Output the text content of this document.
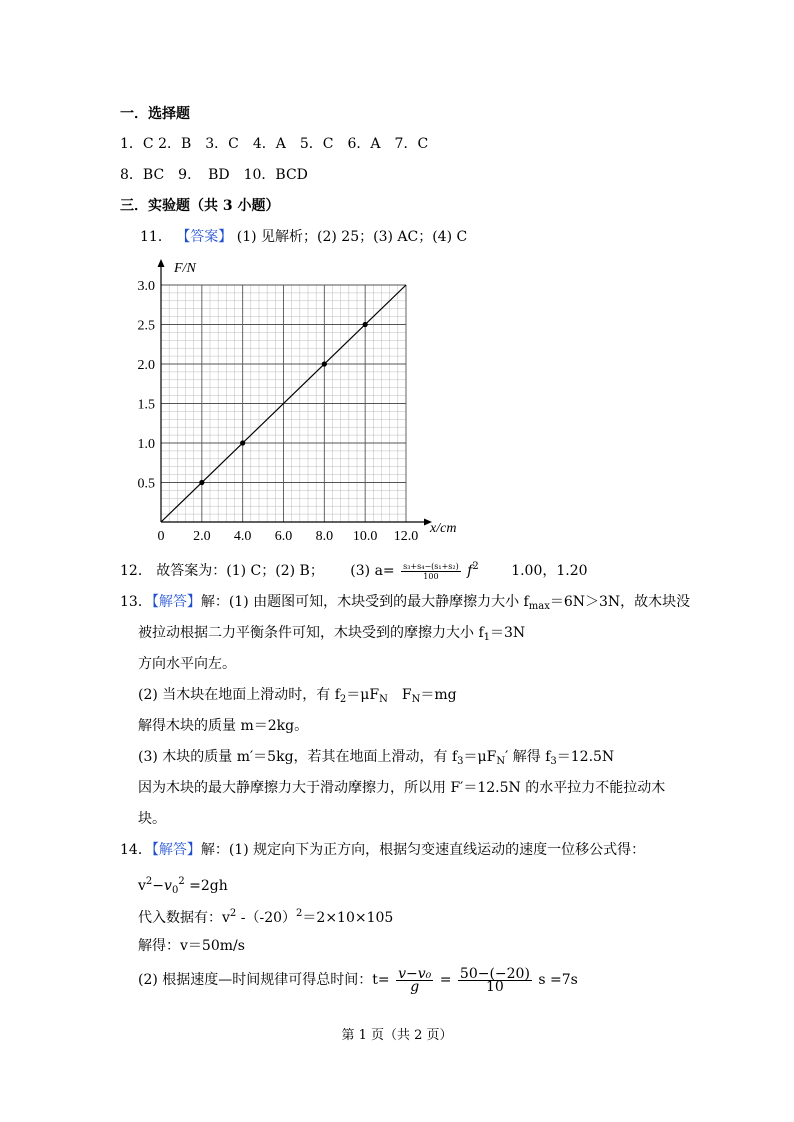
一．选择题
1．C 2．B　3．C　4．A　5．C　6．A　7．C
8．BC　9．　BD　10．BCD
三．实验题（共 3 小题）
11． 【答案】 (1) 见解析；(2) 25；(3) AC；(4) C
0 2.0 4.0 6.0 8.0 10.0 12.0
0.5
1.0
1.5
2.0
2.5
3.0
F/N
x/cm
12． 故答案为：(1) C；(2) B； (3) $a= \frac{\text{s₃+s₄−(s₁+s₂)}}{100} f^2$ 1.00，1.20
13．【解答】解：(1) 由题图可知，木块受到的最大静摩擦力大小 $f_{max}=6N>3N$，故木块没
被拉动根据二力平衡条件可知，木块受到的摩擦力大小 $f_1=3N$
方向水平向左。
(2) 当木块在地面上滑动时，有 $f_2=\mu F_N$　$F_N=mg$
解得木块的质量 m＝2kg。
(3) 木块的质量 m′＝5kg，若其在地面上滑动，有 $f_3=\mu F_N'$ 解得 $f_3=12.5N$
因为木块的最大静摩擦力大于滑动摩擦力，所以用 F′＝12.5N 的水平拉力不能拉动木
块。
14．【解答】解：(1) 规定向下为正方向，根据匀变速直线运动的速度一位移公式得：
$v^2-v_0^2 =2gh$
代入数据有：$v^2$ $-(-20)^2=2\times 10\times 105$
解得：v＝50m/s
(2) 根据速度—时间规律可得总时间：$t= \frac{\text{v−v₀}}{g} = \frac{50-(-20)}{10}$ s =7s
第 1 页（共 2 页）
